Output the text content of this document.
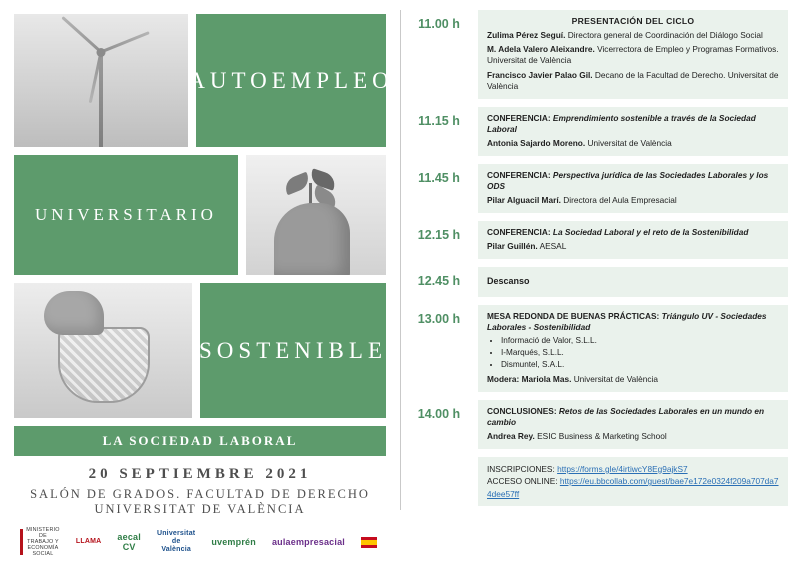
AUTOEMPLEO
UNIVERSITARIO
SOSTENIBLE
LA SOCIEDAD LABORAL
20 SEPTIEMBRE 2021
SALÓN DE GRADOS. FACULTAD DE DERECHO
UNIVERSITAT DE VALÈNCIA
MINISTERIO DE TRABAJO Y ECONOMÍA SOCIAL
LLAMA	aecal CV
Universitat de València
uvemprén	aulaempresacial
11.00 h	PRESENTACIÓN DEL CICLO

Zulima Pérez Seguí. Directora general de Coordinación del Diálogo Social

M. Adela Valero Aleixandre. Vicerrectora de Empleo y Programas Formativos. Universitat de València

Francisco Javier Palao Gil. Decano de la Facultad de Derecho. Universitat de València

11.15 h	CONFERENCIA: Emprendimiento sostenible a través de la Sociedad Laboral

Antonia Sajardo Moreno. Universitat de València

11.45 h	CONFERENCIA: Perspectiva jurídica de las Sociedades Laborales y los ODS

Pilar Alguacil Marí. Directora del Aula Empresacial

12.15 h	CONFERENCIA: La Sociedad Laboral y el reto de la Sostenibilidad

Pilar Guillén. AESAL

12.45 h	Descanso
13.00 h	MESA REDONDA DE BUENAS PRÁCTICAS: Triángulo UV - Sociedades Laborales - Sostenibilidad

• Informació de Valor, S.L.L.
• I-Marqués, S.L.L.
• Dismuntel, S.A.L.

Modera: Mariola Mas. Universitat de València

14.00 h	CONCLUSIONES: Retos de las Sociedades Laborales en un mundo en cambio

Andrea Rey. ESIC Business & Marketing School

INSCRIPCIONES: https://forms.gle/4irtiwcY8Eg9ajkS7
ACCESO ONLINE: https://eu.bbcollab.com/guest/bae7e172e0324f209a707da74dee57ff
